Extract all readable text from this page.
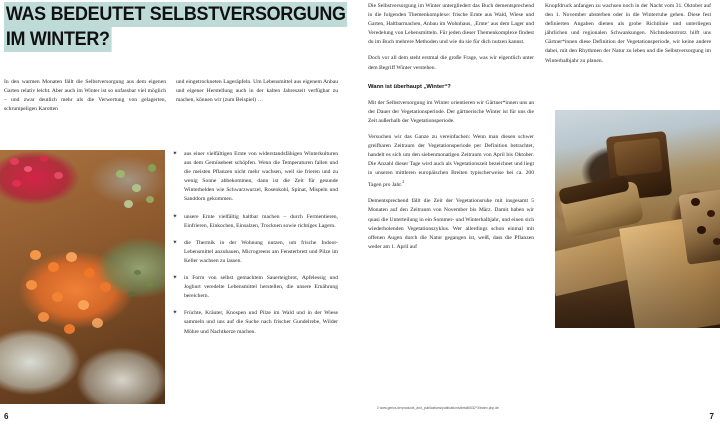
WAS BEDEUTET SELBSTVERSORGUNG
IM WINTER?

In den warmen Monaten fällt die Selbstversorgung aus dem eigenen Garten relativ leicht. Aber auch im Winter ist so unfassbar viel möglich – und zwar deutlich mehr als die Verwertung von gelagerten, schrumpeligen Karotten

und eingetrockneten Lageräpfeln. Um Lebensmittel aus eigenem Anbau und eigener Herstellung auch in der kalten Jahreszeit verfügbar zu machen, können wir (zum Beispiel) …

✴ aus einer vielfältigen Ernte von widerstandsfähigen Winterkulturen aus dem Gemüsebeet schöpfen. Wenn die Temperaturen fallen und die meisten Pflanzen nicht mehr wachsen, weil sie frieren und zu wenig Sonne abbekommen, dann ist die Zeit für gesunde Winterhelden wie Schwarzwurzel, Rosenkohl, Spinat, Mispeln und Sanddorn gekommen.
✴ unsere Ernte vielfältig haltbar machen – durch Fermentieren, Einfrieren, Einkochen, Einsalzen, Trocknen sowie richtiges Lagern.
✴ die Thermik in der Wohnung nutzen, um frische Indoor-Lebensmittel anzubauen, Microgreens am Fensterbrett und Pilze im Keller wachsen zu lassen.
✴ in Form von selbst gemachtem Sauerteigbrot, Apfelessig und Joghurt veredelte Lebensmittel herstellen, die unsere Ernährung bereichern.
✴ Früchte, Kräuter, Knospen und Pilze im Wald und in der Wiese sammeln und uns auf die Suche nach frischer Gundelrebe, Wilder Möhre und Nachtkerze machen.
6

Die Selbstversorgung im Winter untergliedert das Buch dementsprechend in die folgenden Themenkomplexe: frische Ernte aus Wald, Wiese und Garten, Haltbarmachen, Anbau im Wohnhaus, ‚Ernte‘ aus dem Lager und Veredelung von Lebensmitteln. Für jeden dieser Themenkomplexe findest du im Buch mehrere Methoden und wie du sie für dich nutzen kannst.

Doch vor all dem steht erstmal die große Frage, was wir eigentlich unter dem Begriff Winter verstehen.

Wann ist überhaupt „Winter“?

Mit der Selbstversorgung im Winter orientieren wir Gärtner*innen uns an der Dauer der Vegetationsperiode. Der gärtnerische Winter ist für uns die Zeit außerhalb der Vegetationsperiode.

Versuchen wir das Ganze zu vereinfachen: Wenn man diesen schwer greifbaren Zeitraum der Vegetationsperiode per Definition betrachtet, handelt es sich um den siebenmonatigen Zeitraum von April bis Oktober. Die Anzahl dieser Tage wird auch als Vegetationszeit bezeichnet und liegt in unseren mittleren europäischen Breiten typischerweise bei ca. 200 Tagen pro Jahr.$^2$

Dementsprechend fällt die Zeit der Vegetationsruhe mit insgesamt 5 Monaten auf den Zeitraum von November bis März. Damit haben wir quasi die Unterteilung in ein Sommer- und Winterhalbjahr, und einen sich wiederholenden Vegetationszyklus. Wer allerdings schon einmal mit offenen Augen durch die Natur gegangen ist, weiß, dass die Pflanzen weder am 1. April auf

Knopfdruck anfangen zu wachsen noch in der Nacht vom 31. Oktober auf den 1. November absterben oder in die Winterruhe gehen. Diese fest definierten Angaben dienen als grobe Richtlinie und unterliegen jährlichen und regionalen Schwankungen. Nichtsdestotrotz hilft uns Gärtner*innen diese Definition der Vegetationsperiode, wir keine andere dabei, mit den Rhythmen der Natur zu leben und die Selbstversorgung im Winterhalbjahr zu planen.

2 www.gerics.de/products_and_publications/publications/detail0632^3/index.php.de
7
